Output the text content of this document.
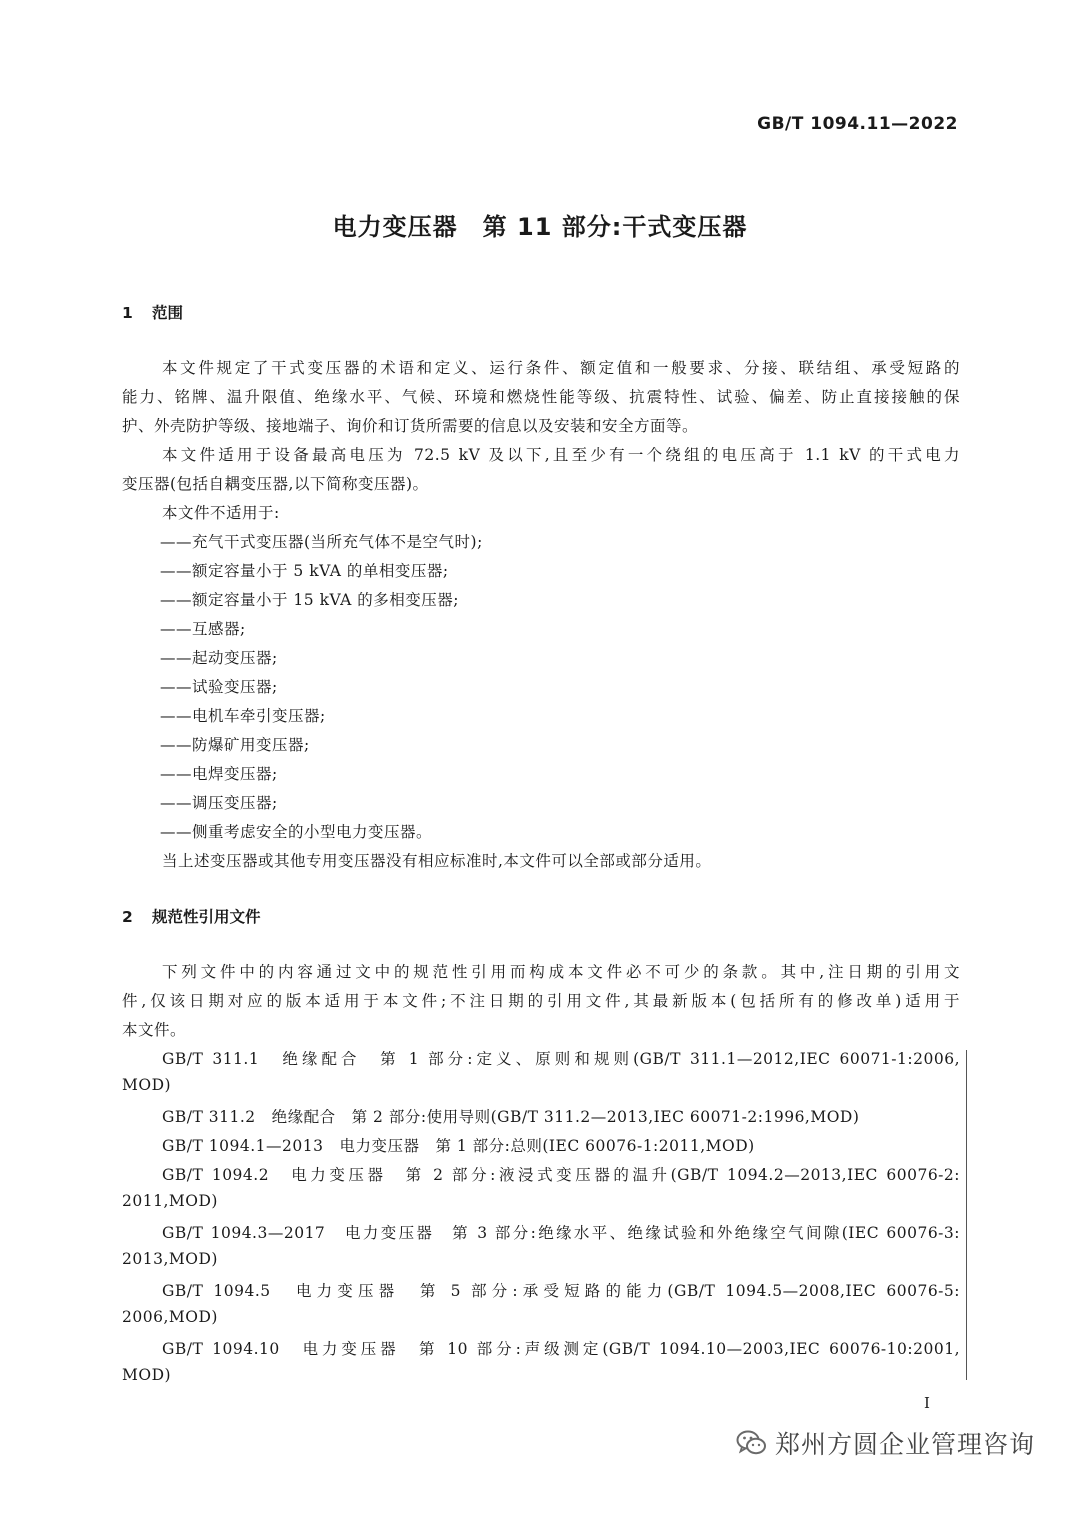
GB/T 1094.11—2022
电力变压器　第 11 部分:干式变压器
1 范围
本文件规定了干式变压器的术语和定义、运行条件、额定值和一般要求、分接、联结组、承受短路的
能力、铭牌、温升限值、绝缘水平、气候、环境和燃烧性能等级、抗震特性、试验、偏差、防止直接接触的保
护、外壳防护等级、接地端子、询价和订货所需要的信息以及安装和安全方面等。
本文件适用于设备最高电压为 72.5 kV 及以下,且至少有一个绕组的电压高于 1.1 kV 的干式电力
变压器(包括自耦变压器,以下简称变压器)。
本文件不适用于:
——充气干式变压器(当所充气体不是空气时);
——额定容量小于 5 kVA 的单相变压器;
——额定容量小于 15 kVA 的多相变压器;
——互感器;
——起动变压器;
——试验变压器;
——电机车牵引变压器;
——防爆矿用变压器;
——电焊变压器;
——调压变压器;
——侧重考虑安全的小型电力变压器。
当上述变压器或其他专用变压器没有相应标准时,本文件可以全部或部分适用。
2 规范性引用文件
下列文件中的内容通过文中的规范性引用而构成本文件必不可少的条款。其中,注日期的引用文
件,仅该日期对应的版本适用于本文件;不注日期的引用文件,其最新版本(包括所有的修改单)适用于
本文件。
GB/T 311.1　绝缘配合　第 1 部分:定义、原则和规则(GB/T 311.1—2012,IEC 60071-1:2006,
MOD)
GB/T 311.2　绝缘配合　第 2 部分:使用导则(GB/T 311.2—2013,IEC 60071-2:1996,MOD)
GB/T 1094.1—2013　电力变压器　第 1 部分:总则(IEC 60076-1:2011,MOD)
GB/T 1094.2　电力变压器　第 2 部分:液浸式变压器的温升(GB/T 1094.2—2013,IEC 60076-2:
2011,MOD)
GB/T 1094.3—2017　电力变压器　第 3 部分:绝缘水平、绝缘试验和外绝缘空气间隙(IEC 60076-3:
2013,MOD)
GB/T 1094.5　电力变压器　第 5 部分:承受短路的能力(GB/T 1094.5—2008,IEC 60076-5:
2006,MOD)
GB/T 1094.10　电力变压器　第 10 部分:声级测定(GB/T 1094.10—2003,IEC 60076-10:2001,
MOD)
I
郑州方圆企业管理咨询
